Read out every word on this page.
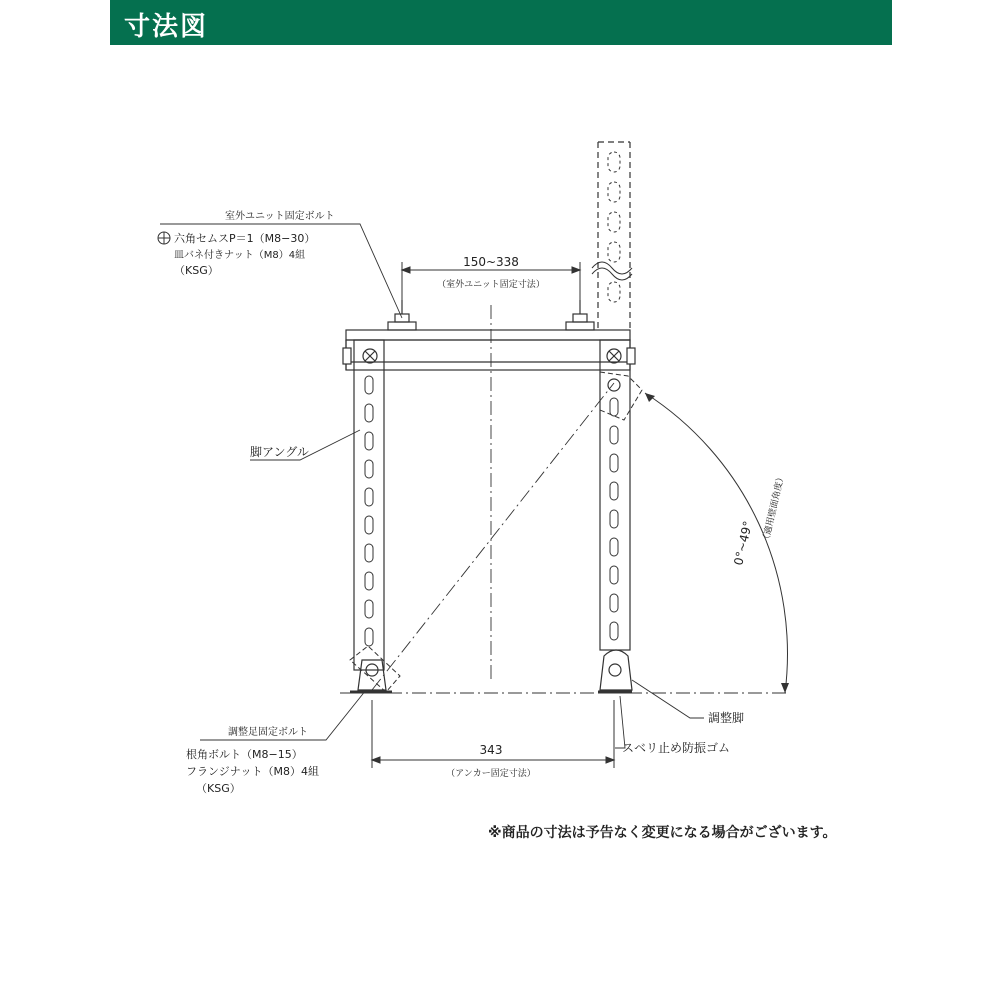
寸法図
室外ユニット固定ボルト
六角セムスP＝1（M8−30）
皿バネ付きナット（M8）4組
（KSG）
150~338
（室外ユニット固定寸法）
脚アングル
0°~49° （適用壁面角度）
調整足固定ボルト
根角ボルト（M8−15）
フランジナット（M8）4組
（KSG）
343
（アンカー固定寸法）
調整脚
スベリ止め防振ゴム
※商品の寸法は予告なく変更になる場合がございます。
